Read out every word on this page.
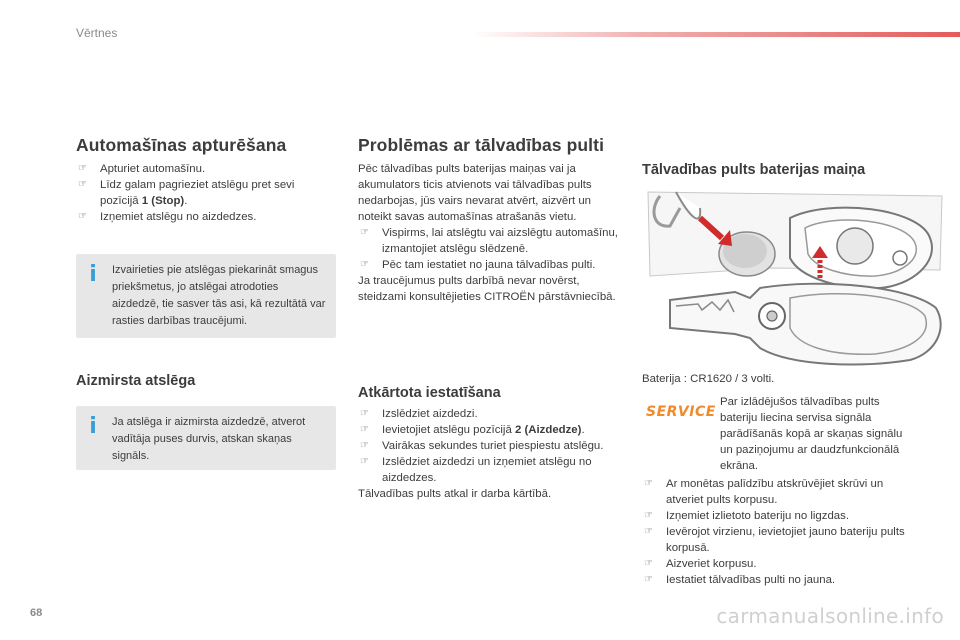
Vērtnes
Automašīnas apturēšana
☞ Apturiet automašīnu.
☞ Līdz galam pagrieziet atslēgu pret sevi pozīcijā 1 (Stop).
☞ Izņemiet atslēgu no aizdedzes.
i Izvairieties pie atslēgas piekarināt smagus priekšmetus, jo atslēgai atrodoties aizdedzē, tie sasver tās asi, kā rezultātā var rasties darbības traucējumi.
Aizmirsta atslēga
i Ja atslēga ir aizmirsta aizdedzē, atverot vadītāja puses durvis, atskan skaņas signāls.
Problēmas ar tālvadības pulti
Pēc tālvadības pults baterijas maiņas vai ja akumulators ticis atvienots vai tālvadības pults nedarbojas, jūs vairs nevarat atvērt, aizvērt un noteikt savas automašīnas atrašanās vietu.
☞ Vispirms, lai atslēgtu vai aizslēgtu automašīnu, izmantojiet atslēgu slēdzenē.
☞ Pēc tam iestatiet no jauna tālvadības pulti.
Ja traucējumus pults darbībā nevar novērst, steidzami konsultējieties CITROËN pārstāvniecībā.
Atkārtota iestatīšana
☞ Izslēdziet aizdedzi.
☞ Ievietojiet atslēgu pozīcijā 2 (Aizdedze).
☞ Vairākas sekundes turiet piespiestu atslēgu.
☞ Izslēdziet aizdedzi un izņemiet atslēgu no aizdedzes.
Tālvadības pults atkal ir darba kārtībā.
Tālvadības pults baterijas maiņa
Baterija : CR1620 / 3 volti.
SERVICE
Par izlādējušos tālvadības pults bateriju liecina servisa signāla parādīšanās kopā ar skaņas signālu un paziņojumu ar daudzfunkcionālā ekrāna.
☞ Ar monētas palīdzību atskrūvējiet skrūvi un atveriet pults korpusu.
☞ Izņemiet izlietoto bateriju no ligzdas.
☞ Ievērojot virzienu, ievietojiet jauno bateriju pults korpusā.
☞ Aizveriet korpusu.
☞ Iestatiet tālvadības pulti no jauna.
68	carmanualsonline.info
